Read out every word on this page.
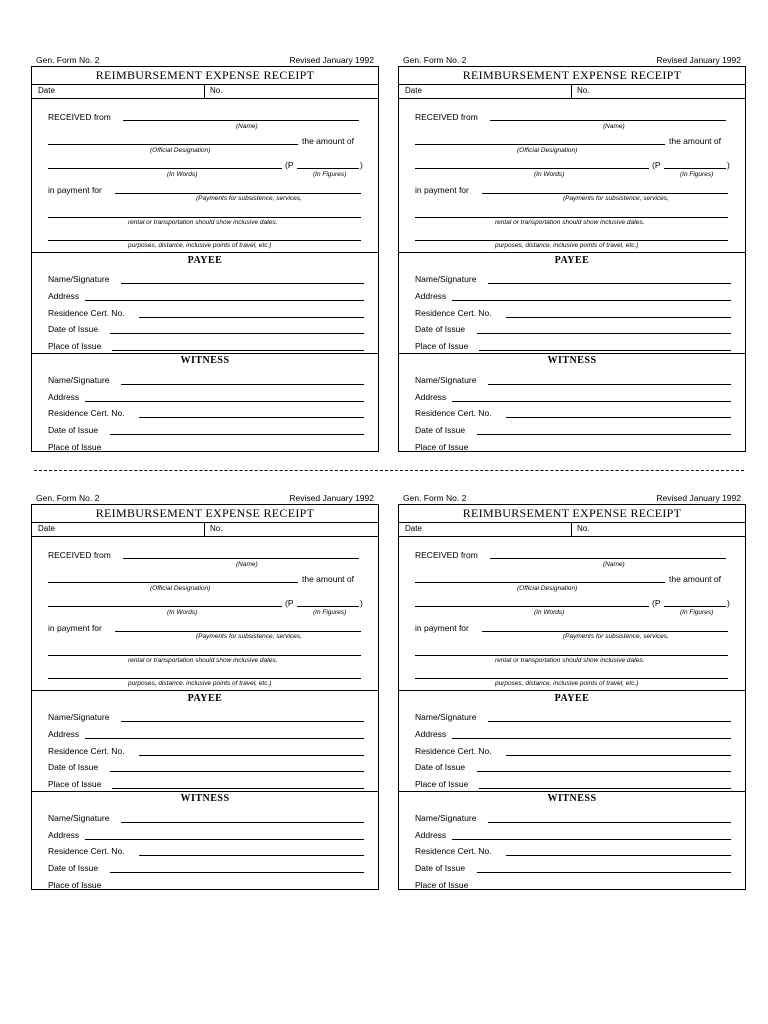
Gen. Form No. 2	Revised January 1992
REIMBURSEMENT EXPENSE RECEIPT
Date	No.
RECEIVED from
(Name)
the amount of
(Official Designation)
(P	)
(In Words)	(In Figures)
in payment for
(Payments for subsistence, services,
rental or transportation should show inclusive dates.
purposes, distance, inclusive points of travel, etc.)
PAYEE
Name/Signature
Address
Residence Cert. No.
Date of Issue
Place of Issue
WITNESS
Name/Signature
Address
Residence Cert. No.
Date of Issue
Place of Issue
Gen. Form No. 2	Revised January 1992
REIMBURSEMENT EXPENSE RECEIPT
Date	No.
RECEIVED from
(Name)
the amount of
(Official Designation)
(P	)
(In Words)	(In Figures)
in payment for
(Payments for subsistence, services,
rental or transportation should show inclusive dates.
purposes, distance, inclusive points of travel, etc.)
PAYEE
Name/Signature
Address
Residence Cert. No.
Date of Issue
Place of Issue
WITNESS
Name/Signature
Address
Residence Cert. No.
Date of Issue
Place of Issue
Gen. Form No. 2	Revised January 1992
REIMBURSEMENT EXPENSE RECEIPT
Date	No.
RECEIVED from
(Name)
the amount of
(Official Designation)
(P	)
(In Words)	(In Figures)
in payment for
(Payments for subsistence, services,
rental or transportation should show inclusive dates.
purposes, distance, inclusive points of travel, etc.)
PAYEE
Name/Signature
Address
Residence Cert. No.
Date of Issue
Place of Issue
WITNESS
Name/Signature
Address
Residence Cert. No.
Date of Issue
Place of Issue
Gen. Form No. 2	Revised January 1992
REIMBURSEMENT EXPENSE RECEIPT
Date	No.
RECEIVED from
(Name)
the amount of
(Official Designation)
(P	)
(In Words)	(In Figures)
in payment for
(Payments for subsistence, services,
rental or transportation should show inclusive dates.
purposes, distance, inclusive points of travel, etc.)
PAYEE
Name/Signature
Address
Residence Cert. No.
Date of Issue
Place of Issue
WITNESS
Name/Signature
Address
Residence Cert. No.
Date of Issue
Place of Issue
